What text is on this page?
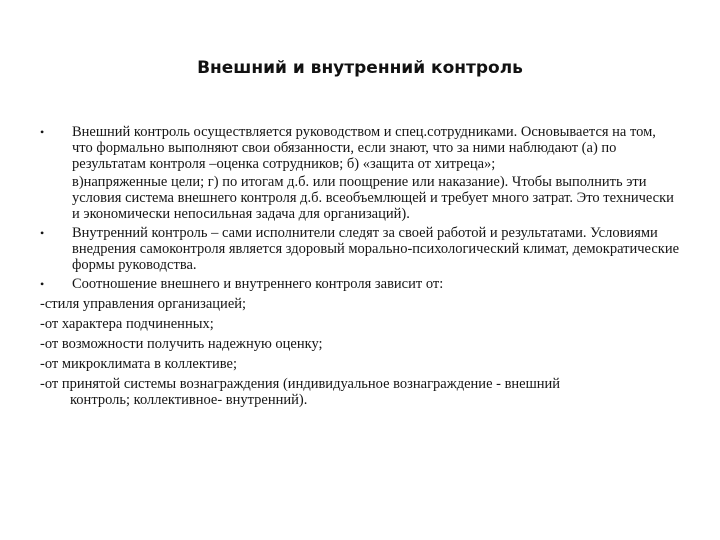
Внешний и внутренний контроль
•	Внешний контроль осуществляется руководством и спец.сотрудниками. Основывается на том, что формально выполняют свои обязанности, если знают, что за ними наблюдают (а) по результатам контроля –оценка сотрудников; б) «защита от хитреца»;
в)напряженные цели; г) по итогам д.б. или поощрение или наказание). Чтобы выполнить эти условия система внешнего контроля д.б. всеобъемлющей и требует много затрат. Это технически и экономически непосильная задача для организаций).
•	Внутренний контроль – сами исполнители следят за своей работой и результатами. Условиями внедрения самоконтроля является здоровый морально-психологический климат, демократические формы руководства.
•	Соотношение внешнего и внутреннего контроля зависит от:
-стиля управления организацией;
-от характера подчиненных;
-от возможности получить надежную оценку;
-от микроклимата в коллективе;
-от принятой системы вознаграждения (индивидуальное вознаграждение - внешний
контроль; коллективное- внутренний).
